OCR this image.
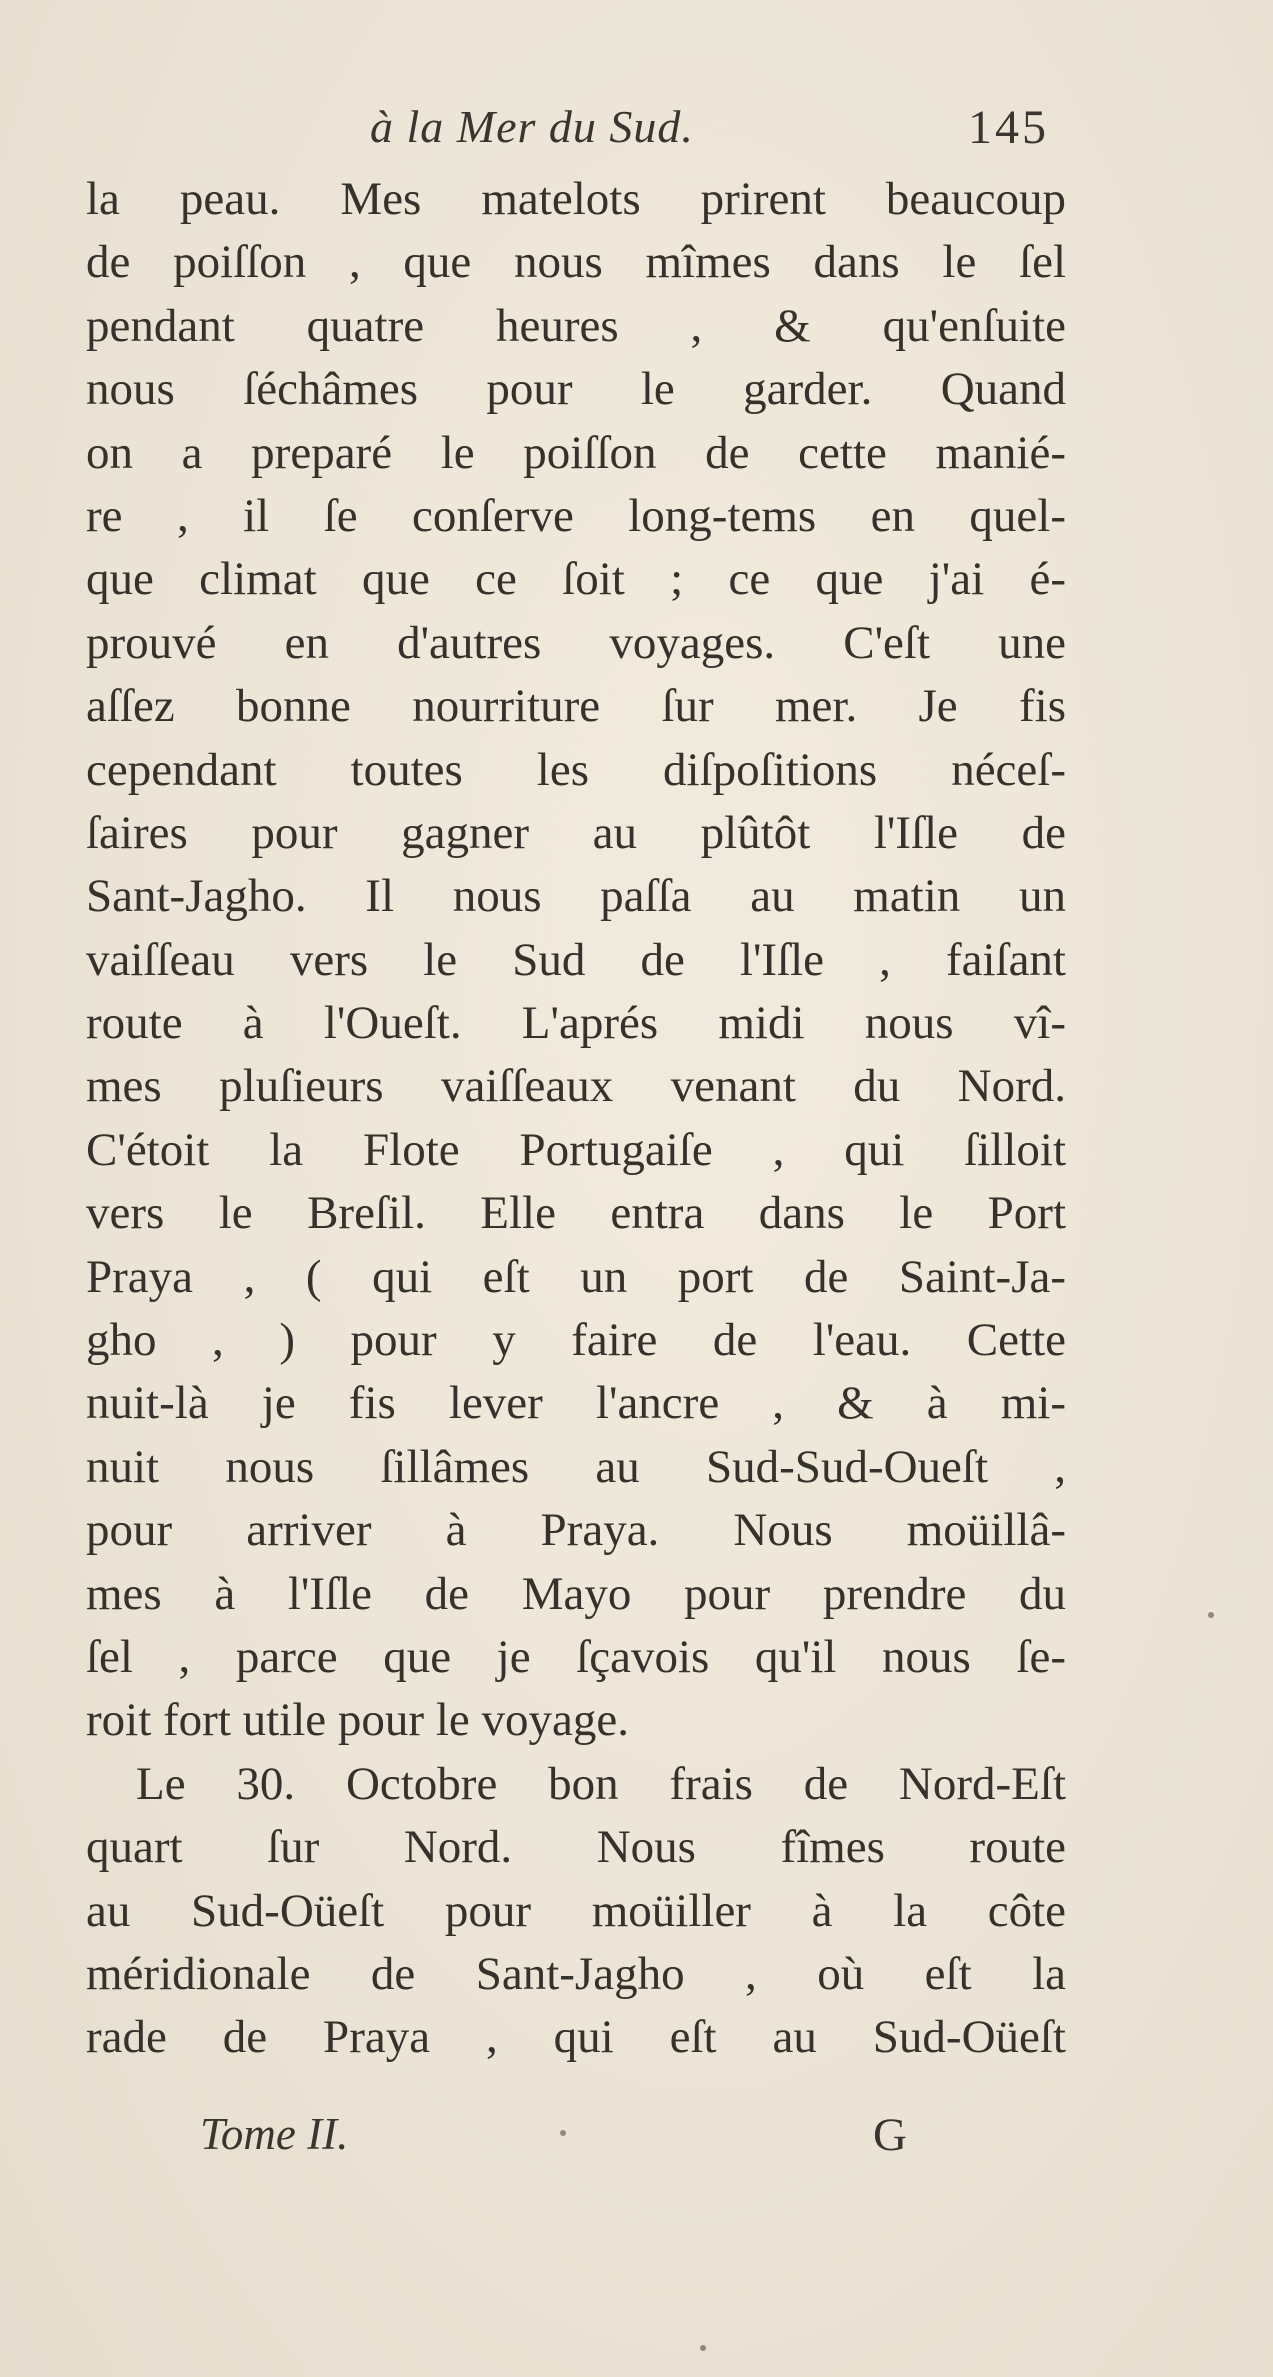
à la Mer du Sud.	145
la peau. Mes matelots prirent beaucoup
de poiſſon , que nous mîmes dans le ſel
pendant quatre heures , & qu'enſuite
nous ſéchâmes pour le garder. Quand
on a preparé le poiſſon de cette manié-
re , il ſe conſerve long-tems en quel-
que climat que ce ſoit ; ce que j'ai é-
prouvé en d'autres voyages. C'eſt une
aſſez bonne nourriture ſur mer. Je fis
cependant toutes les diſpoſitions néceſ-
ſaires pour gagner au plûtôt l'Iſle de
Sant-Jagho. Il nous paſſa au matin un
vaiſſeau vers le Sud de l'Iſle , faiſant
route à l'Oueſt. L'aprés midi nous vî-
mes pluſieurs vaiſſeaux venant du Nord.
C'étoit la Flote Portugaiſe , qui ſilloit
vers le Breſil. Elle entra dans le Port
Praya , ( qui eſt un port de Saint-Ja-
gho , ) pour y faire de l'eau. Cette
nuit-là je fis lever l'ancre , & à mi-
nuit nous ſillâmes au Sud-Sud-Oueſt ,
pour arriver à Praya. Nous moüillâ-
mes à l'Iſle de Mayo pour prendre du
ſel , parce que je ſçavois qu'il nous ſe-
roit fort utile pour le voyage.
Le 30. Octobre bon frais de Nord-Eſt
quart ſur Nord. Nous fîmes route
au Sud-Oüeſt pour moüiller à la côte
méridionale de Sant-Jagho , où eſt la
rade de Praya , qui eſt au Sud-Oüeſt
Tome II.	G
